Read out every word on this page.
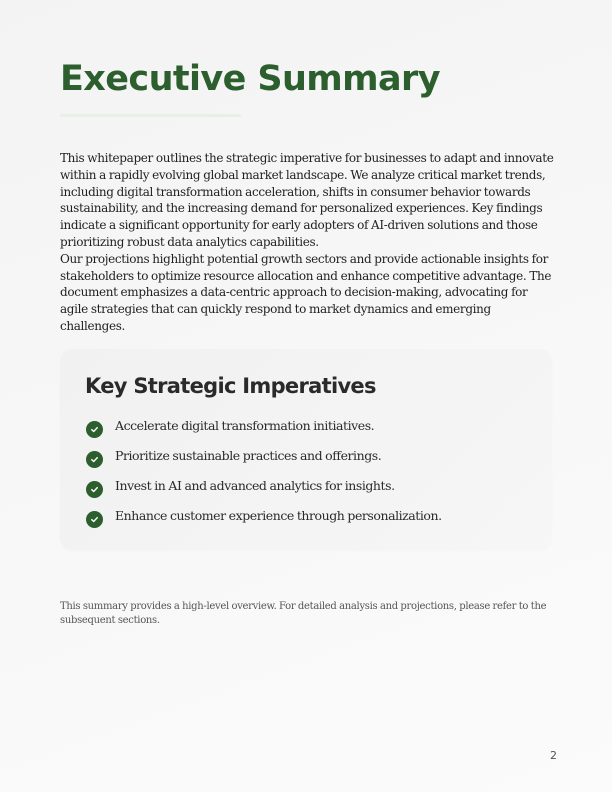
Executive Summary

This whitepaper outlines the strategic imperative for businesses to adapt and innovate within a rapidly evolving global market landscape. We analyze critical market trends, including digital transformation acceleration, shifts in consumer behavior towards sustainability, and the increasing demand for personalized experiences. Key findings indicate a significant opportunity for early adopters of AI-driven solutions and those prioritizing robust data analytics capabilities.

Our projections highlight potential growth sectors and provide actionable insights for stakeholders to optimize resource allocation and enhance competitive advantage. The document emphasizes a data-centric approach to decision-making, advocating for agile strategies that can quickly respond to market dynamics and emerging challenges.

Key Strategic Imperatives
Accelerate digital transformation initiatives.
Prioritize sustainable practices and offerings.
Invest in AI and advanced analytics for insights.
Enhance customer experience through personalization.

This summary provides a high-level overview. For detailed analysis and projections, please refer to the subsequent sections.

2
